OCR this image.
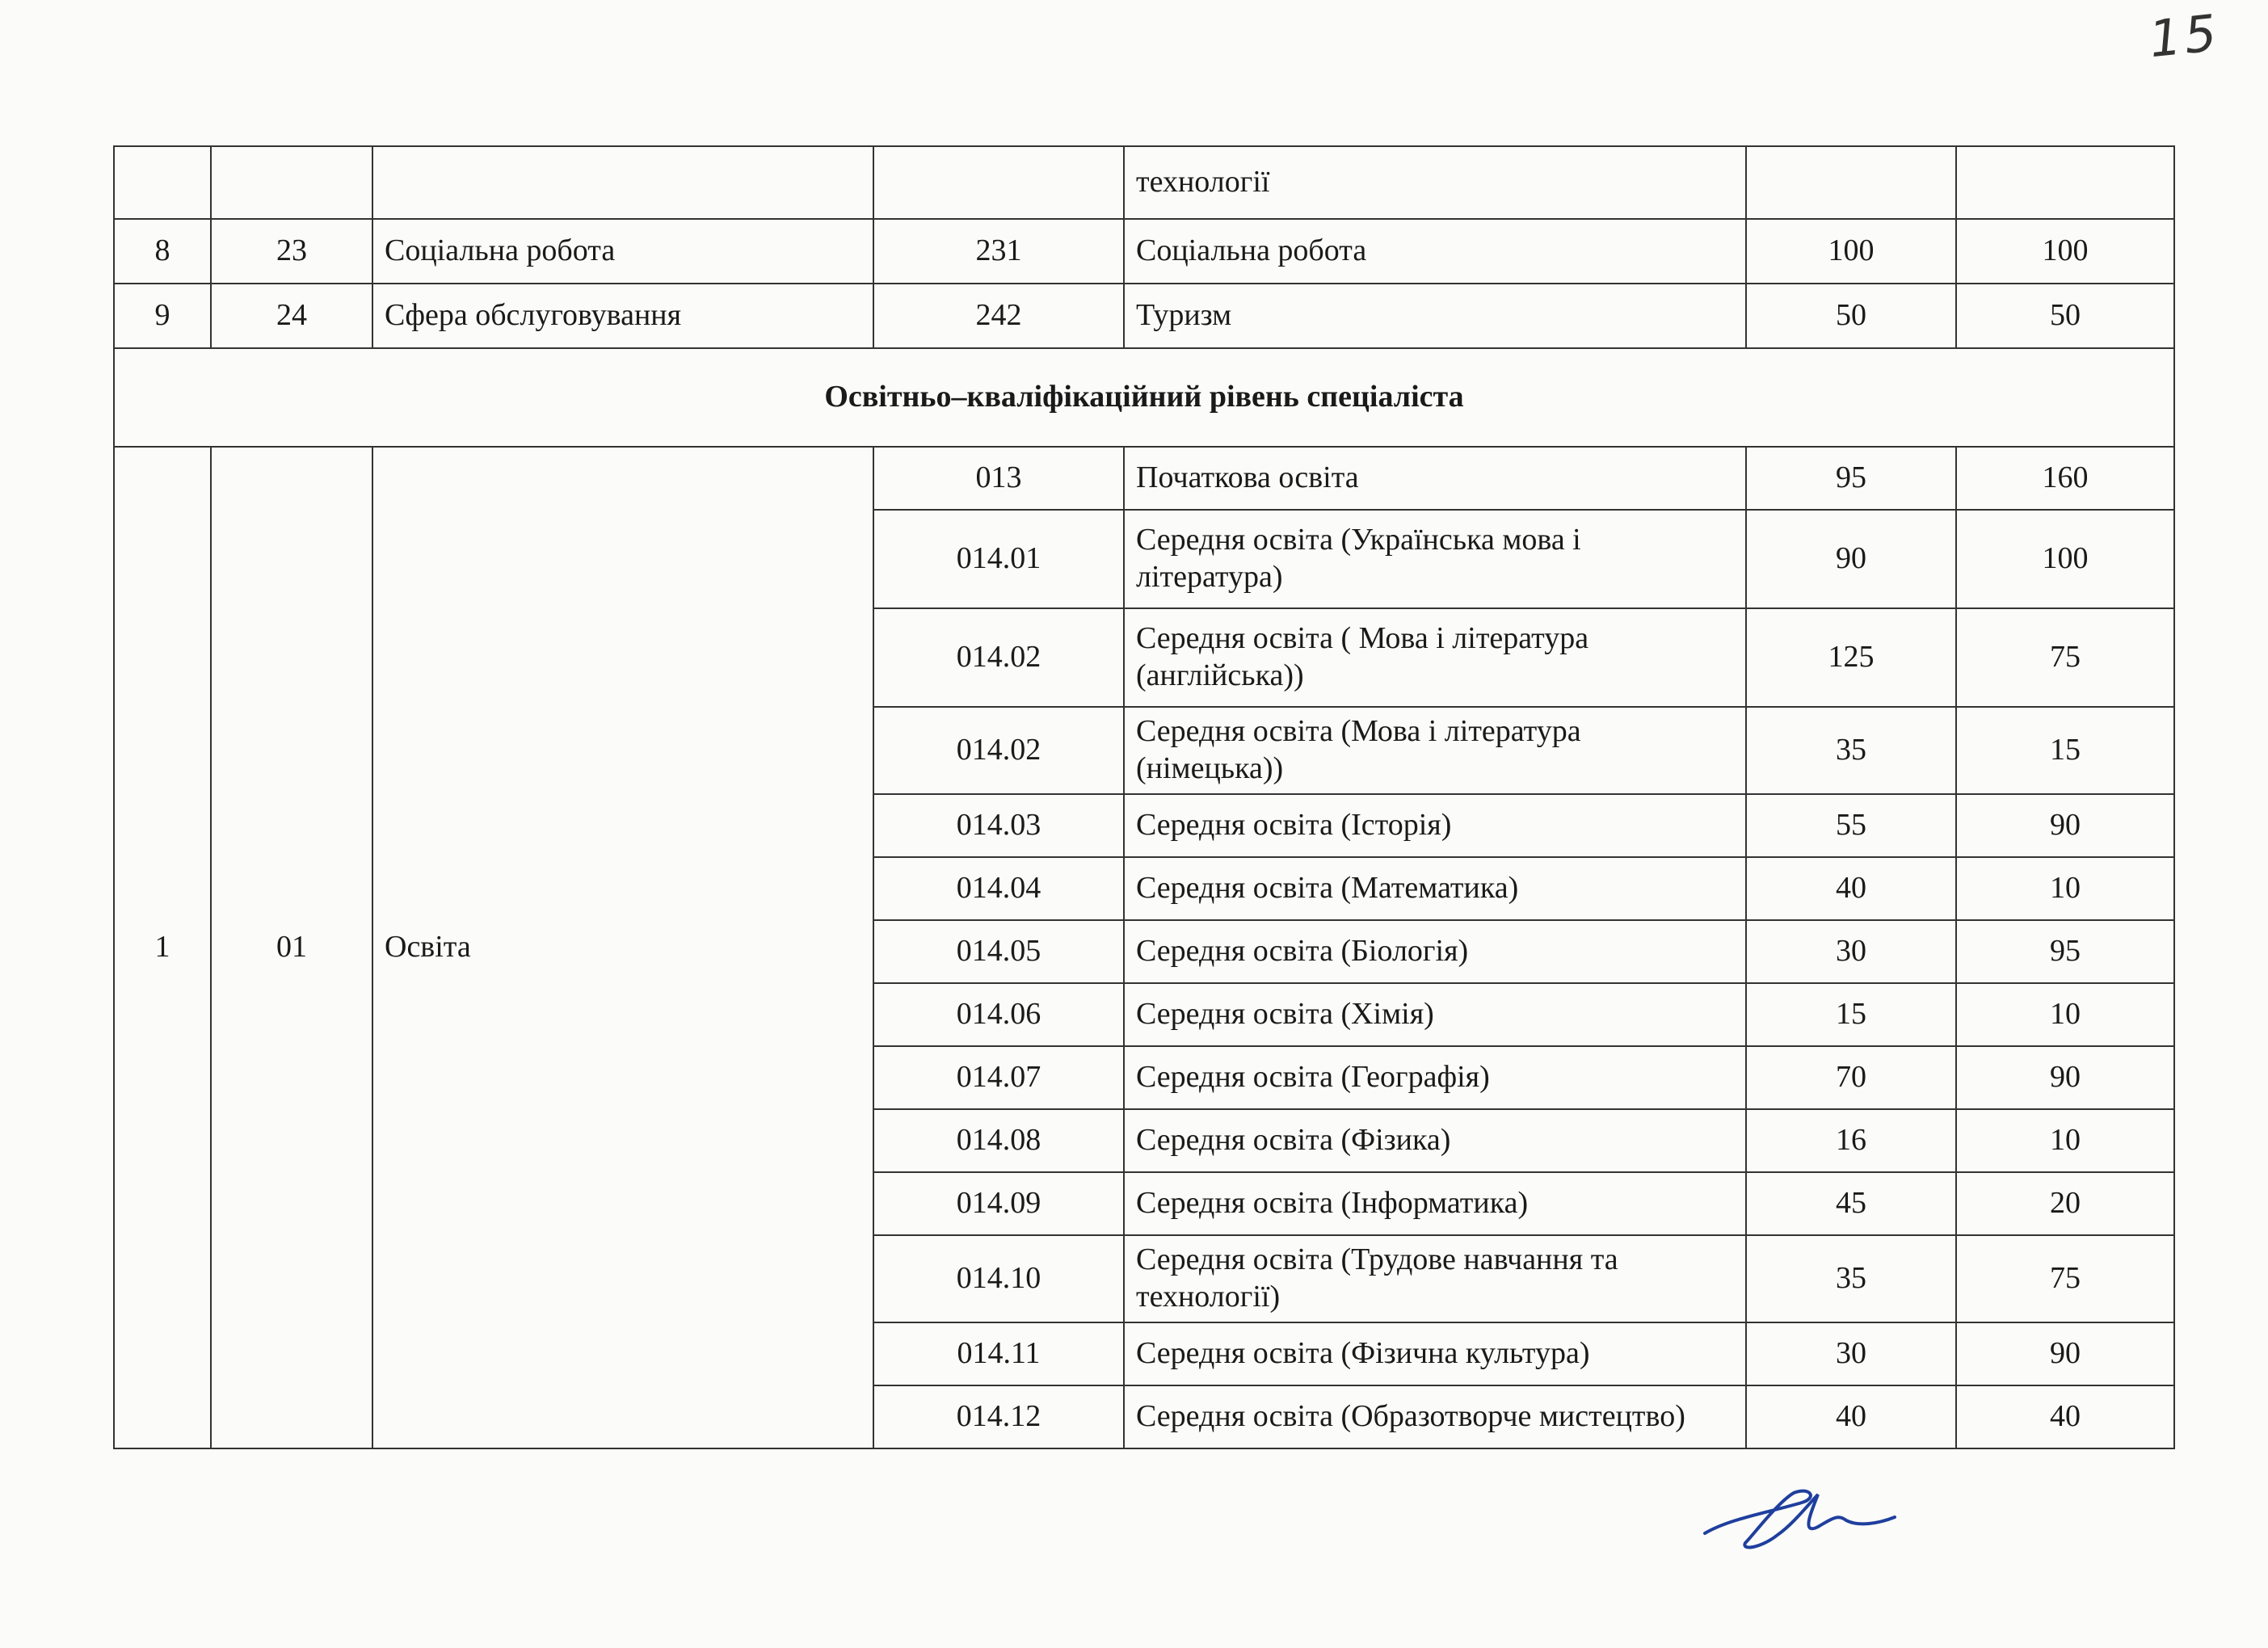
15
				технології		
8	23	Соціальна робота	231	Соціальна робота	100	100
9	24	Сфера обслуговування	242	Туризм	50	50
Освітньо–кваліфікаційний рівень спеціаліста						
1	01	Освіта	013	Початкова освіта	95	160
			014.01	Середня освіта (Українська мова і література)	90	100
			014.02	Середня освіта ( Мова і література (англійська))	125	75
			014.02	Середня освіта (Мова і література (німецька))	35	15
			014.03	Середня освіта (Історія)	55	90
			014.04	Середня освіта (Математика)	40	10
			014.05	Середня освіта (Біологія)	30	95
			014.06	Середня освіта (Хімія)	15	10
			014.07	Середня освіта (Географія)	70	90
			014.08	Середня освіта (Фізика)	16	10
			014.09	Середня освіта (Інформатика)	45	20
			014.10	Середня освіта (Трудове навчання та технології)	35	75
			014.11	Середня освіта (Фізична культура)	30	90
			014.12	Середня освіта (Образотворче мистецтво)	40	40
